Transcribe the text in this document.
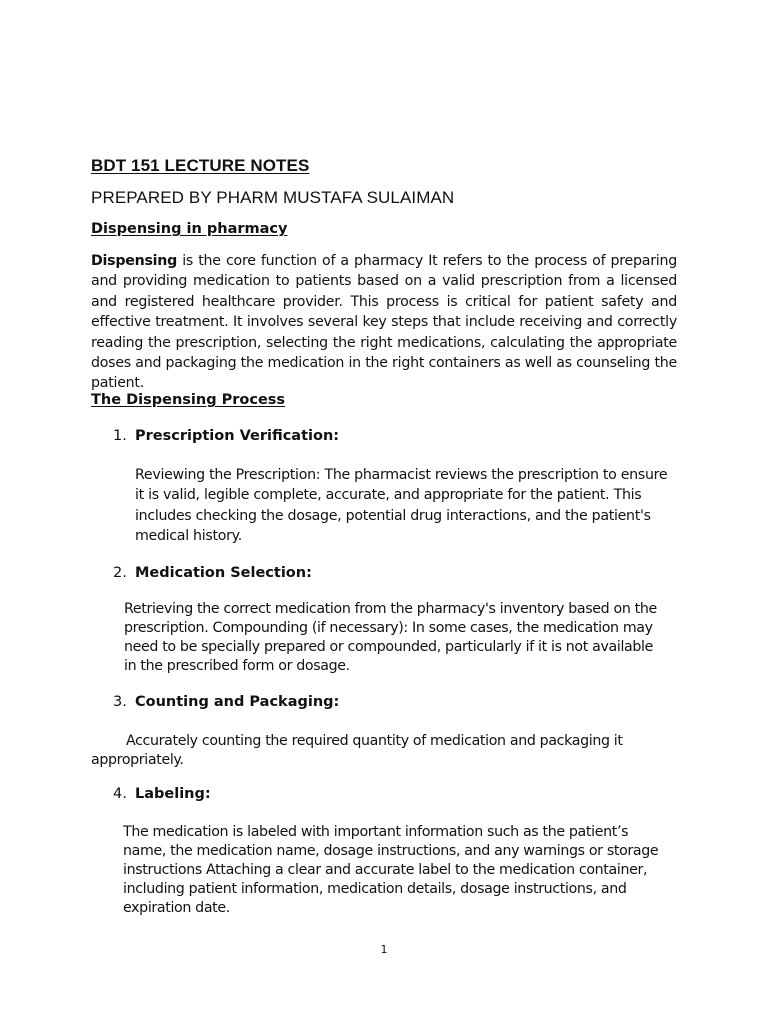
BDT 151 LECTURE NOTES

PREPARED BY PHARM MUSTAFA SULAIMAN

Dispensing in pharmacy

Dispensing is the core function of a pharmacy It refers to the process of preparing and providing medication to patients based on a valid prescription from a licensed and registered healthcare provider. This process is critical for patient safety and effective treatment. It involves several key steps that include receiving and correctly reading the prescription, selecting the right medications, calculating the appropriate doses and packaging the medication in the right containers as well as counseling the patient.

The Dispensing Process

1. Prescription Verification:

Reviewing the Prescription: The pharmacist reviews the prescription to ensure it is valid, legible complete, accurate, and appropriate for the patient. This includes checking the dosage, potential drug interactions, and the patient's medical history.

2. Medication Selection:

Retrieving the correct medication from the pharmacy's inventory based on the prescription. Compounding (if necessary): In some cases, the medication may need to be specially prepared or compounded, particularly if it is not available in the prescribed form or dosage.

3. Counting and Packaging:

Accurately counting the required quantity of medication and packaging it appropriately.

4. Labeling:

The medication is labeled with important information such as the patient’s name, the medication name, dosage instructions, and any warnings or storage instructions Attaching a clear and accurate label to the medication container, including patient information, medication details, dosage instructions, and expiration date.

1
